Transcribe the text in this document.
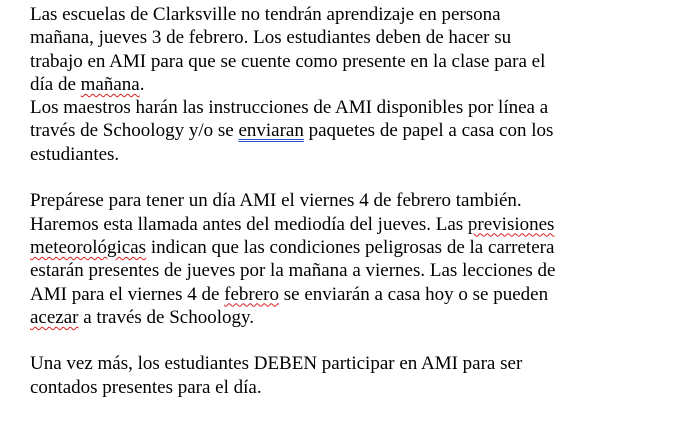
Las escuelas de Clarksville no tendrán aprendizaje en persona
mañana, jueves 3 de febrero. Los estudiantes deben de hacer su
trabajo en AMI para que se cuente como presente en la clase para el
día de mañana.
Los maestros harán las instrucciones de AMI disponibles por línea a
través de Schoology y/o se enviaran paquetes de papel a casa con los
estudiantes.
Prepárese para tener un día AMI el viernes 4 de febrero también.
Haremos esta llamada antes del mediodía del jueves. Las previsiones
meteorológicas indican que las condiciones peligrosas de la carretera
estarán presentes de jueves por la mañana a viernes. Las lecciones de
AMI para el viernes 4 de febrero se enviarán a casa hoy o se pueden
acezar a través de Schoology.
Una vez más, los estudiantes DEBEN participar en AMI para ser
contados presentes para el día.
